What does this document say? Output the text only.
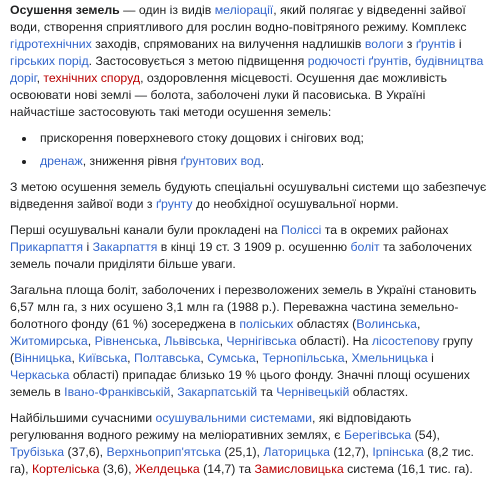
Осушення земель — один із видів меліорації, який полягає у відведенні зайвої води, створення сприятливого для рослин водно-повітряного режиму. Комплекс гідротехнічних заходів, спрямованих на вилучення надлишків вологи з ґрунтів і гірських порід. Застосовується з метою підвищення родючості ґрунтів, будівництва доріг, технічних споруд, оздоровлення місцевості. Осушення дає можливість освоювати нові землі — болота, заболочені луки й пасовиська. В Україні найчастіше застосовують такі методи осушення земель:

прискорення поверхневого стоку дощових і снігових вод;
дренаж, зниження рівня ґрунтових вод.

З метою осушення земель будують спеціальні осушувальні системи що забезпечує відведення зайвої води з ґрунту до необхідної осушувальної норми.

Перші осушувальні канали були прокладені на Поліссі та в окремих районах Прикарпаття і Закарпаття в кінці 19 ст. З 1909 р. осушенню боліт та заболочених земель почали приділяти більше уваги.

Загальна площа боліт, заболочених і перезволожених земель в Україні становить 6,57 млн га, з них осушено 3,1 млн га (1988 р.). Переважна частина земельно-болотного фонду (61 %) зосереджена в поліських областях (Волинська, Житомирська, Рівненська, Львівська, Чернігівська області). На лісостепову групу (Вінницька, Київська, Полтавська, Сумська, Тернопільська, Хмельницька і Черкаська області) припадає близько 19 % цього фонду. Значні площі осушених земель в Івано-Франківській, Закарпатській та Чернівецькій областях.

Найбільшими сучасними осушувальними системами, які відповідають регулювання водного режиму на меліоративних землях, є Берегівська (54), Трубізька (37,6), Верхньоприп'ятська (25,1), Латорицька (12,7), Ірпінська (8,2 тис. га), Кортеліська (3,6), Желдецька (14,7) та Замисловицька система (16,1 тис. га).
